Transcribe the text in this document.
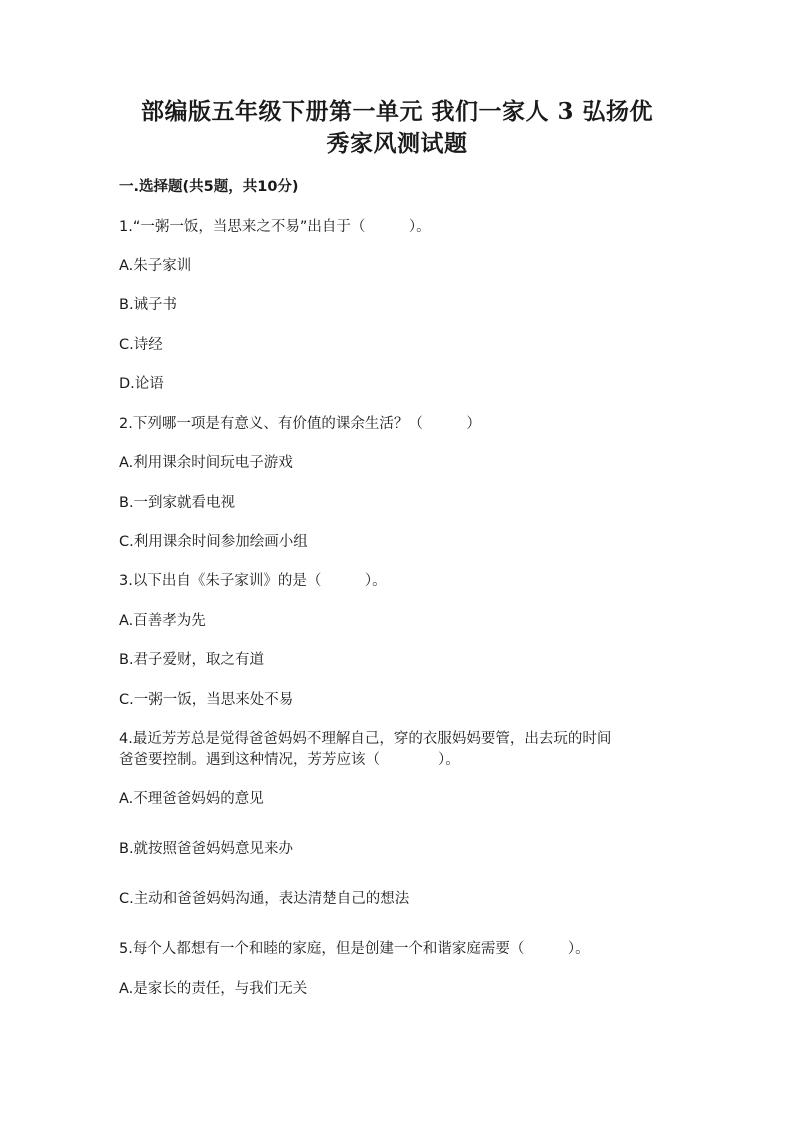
部编版五年级下册第一单元 我们一家人 3 弘扬优
秀家风测试题
一.选择题(共5题，共10分)
1.“一粥一饭，当思来之不易”出自于（　　　）。
A.朱子家训
B.诫子书
C.诗经
D.论语
2.下列哪一项是有意义、有价值的课余生活？（　　　）
A.利用课余时间玩电子游戏
B.一到家就看电视
C.利用课余时间参加绘画小组
3.以下出自《朱子家训》的是（　　　）。
A.百善孝为先
B.君子爱财，取之有道
C.一粥一饭，当思来处不易
4.最近芳芳总是觉得爸爸妈妈不理解自己，穿的衣服妈妈要管，出去玩的时间
爸爸要控制。遇到这种情况，芳芳应该（　　　　）。
A.不理爸爸妈妈的意见
B.就按照爸爸妈妈意见来办
C.主动和爸爸妈妈沟通，表达清楚自己的想法
5.每个人都想有一个和睦的家庭，但是创建一个和谐家庭需要（　　　）。
A.是家长的责任，与我们无关
